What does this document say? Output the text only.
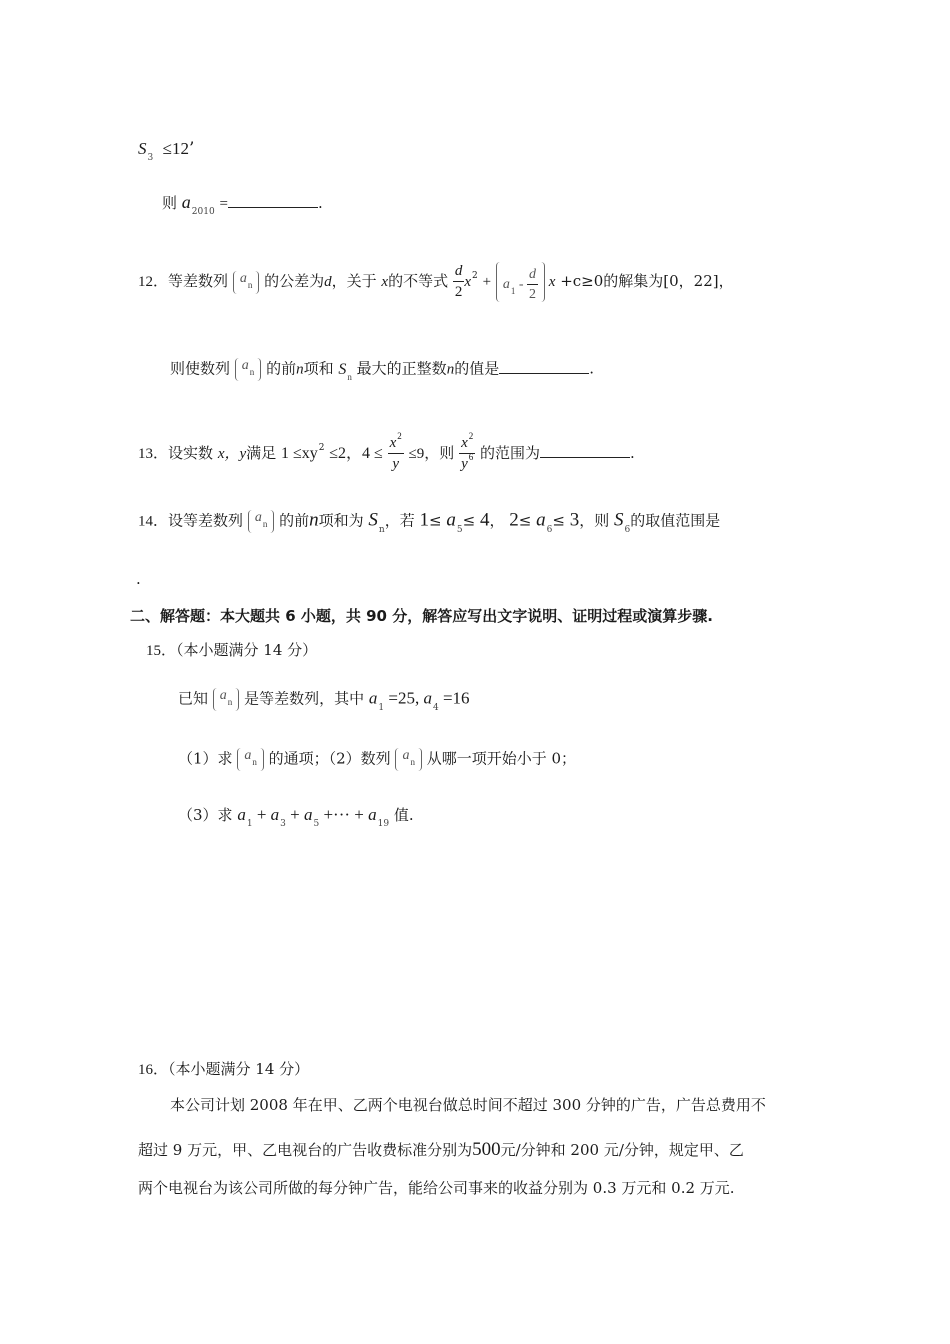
$S_3 \le 12$’
则 $a_{2010}$ =	.
12．等差数列 $a_n$ 的公差为d，关于 x的不等式 $\frac{d}{2} x^2 + a_1 - \frac{d}{2}$ x +c≥0的解集为[0，22]，
则使数列 $a_n$ 的前n项和 $S_n$ 最大的正整数n的值是	.
13．设实数 x，y满足 $1 \le xy^2 \le 2$，$4 \le \frac{x^2}{y} \le 9$，则 $\frac{x^2}{y^6}$ 的范围为	.
14．设等差数列 $a_n$ 的前n项和为 $S_n$，若 $1\le a_5\le 4$， $2\le a_6\le 3$，则 $S_6$的取值范围是
.
二、解答题：本大题共 6 小题，共 90 分，解答应写出文字说明、证明过程或演算步骤.
15．（本小题满分 14 分）
已知 $a_n$ 是等差数列，其中 $a_1 =25$, $a_4 =16$
（1）求 $a_n$ 的通项；（2）数列 $a_n$ 从哪一项开始小于 0；
（3）求 $a_1 + a_3 + a_5$ +··· + $a_{19}$ 值.
16．（本小题满分 14 分）
本公司计划 2008 年在甲、乙两个电视台做总时间不超过 300 分钟的广告，广告总费用不
超过 9 万元，甲、乙电视台的广告收费标准分别为500元/分钟和 200 元/分钟，规定甲、乙
两个电视台为该公司所做的每分钟广告，能给公司事来的收益分别为 0.3 万元和 0.2 万元.
